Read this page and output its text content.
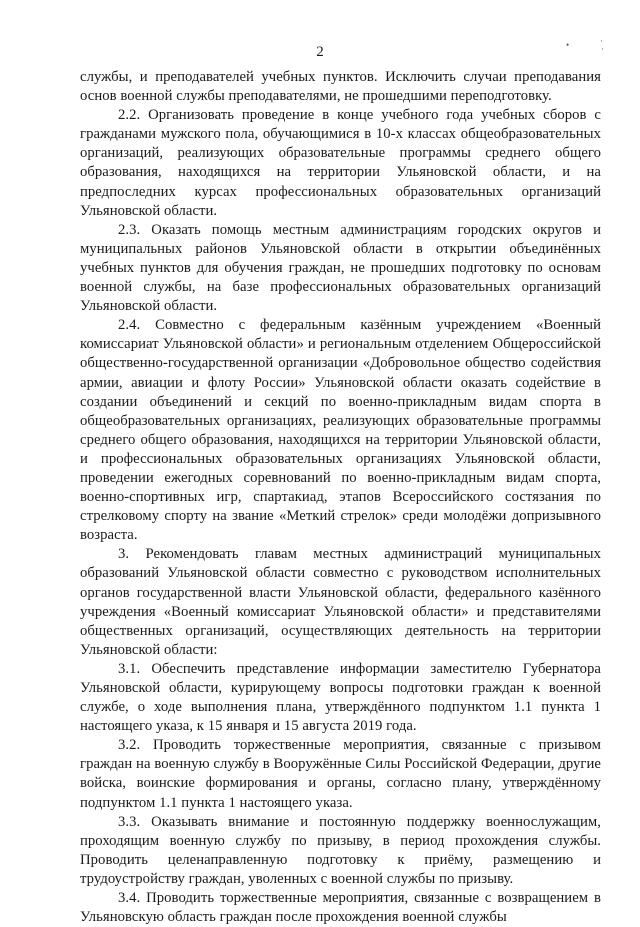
2	•	·
·

службы, и преподавателей учебных пунктов. Исключить случаи преподавания основ военной службы преподавателями, не прошедшими переподготовку.

2.2. Организовать проведение в конце учебного года учебных сборов с гражданами мужского пола, обучающимися в 10-х классах общеобразовательных организаций, реализующих образовательные программы среднего общего образования, находящихся на территории Ульяновской области, и на предпоследних курсах профессиональных образовательных организаций Ульяновской области.

2.3. Оказать помощь местным администрациям городских округов и муниципальных районов Ульяновской области в открытии объединённых учебных пунктов для обучения граждан, не прошедших подготовку по основам военной службы, на базе профессиональных образовательных организаций Ульяновской области.

2.4. Совместно с федеральным казённым учреждением «Военный комиссариат Ульяновской области» и региональным отделением Общероссийской общественно-государственной организации «Добровольное общество содействия армии, авиации и флоту России» Ульяновской области оказать содействие в создании объединений и секций по военно-прикладным видам спорта в общеобразовательных организациях, реализующих образовательные программы среднего общего образования, находящихся на территории Ульяновской области, и профессиональных образовательных организациях Ульяновской области, проведении ежегодных соревнований по военно-прикладным видам спорта, военно-спортивных игр, спартакиад, этапов Всероссийского состязания по стрелковому спорту на звание «Меткий стрелок» среди молодёжи допризывного возраста.

3. Рекомендовать главам местных администраций муниципальных образований Ульяновской области совместно с руководством исполнительных органов государственной власти Ульяновской области, федерального казённого учреждения «Военный комиссариат Ульяновской области» и представителями общественных организаций, осуществляющих деятельность на территории Ульяновской области:

3.1. Обеспечить представление информации заместителю Губернатора Ульяновской области, курирующему вопросы подготовки граждан к военной службе, о ходе выполнения плана, утверждённого подпунктом 1.1 пункта 1 настоящего указа, к 15 января и 15 августа 2019 года.

3.2. Проводить торжественные мероприятия, связанные с призывом граждан на военную службу в Вооружённые Силы Российской Федерации, другие войска, воинские формирования и органы, согласно плану, утверждённому подпунктом 1.1 пункта 1 настоящего указа.

3.3. Оказывать внимание и постоянную поддержку военнослужащим, проходящим военную службу по призыву, в период прохождения службы. Проводить целенаправленную подготовку к приёму, размещению и трудоустройству граждан, уволенных с военной службы по призыву.

3.4. Проводить торжественные мероприятия, связанные с возвращением в Ульяновскую область граждан после прохождения военной службы
